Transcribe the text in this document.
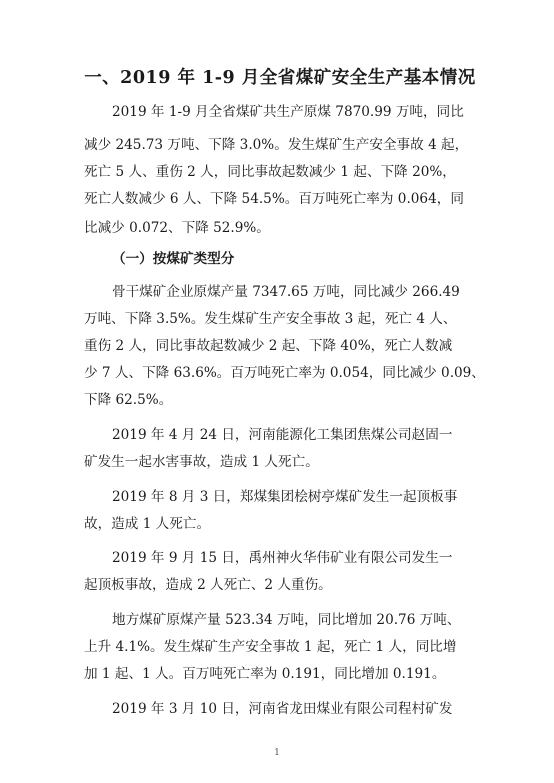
一、2019 年 1-9 月全省煤矿安全生产基本情况
2019 年 1-9 月全省煤矿共生产原煤 7870.99 万吨，同比
减少 245.73 万吨、下降 3.0%。发生煤矿生产安全事故 4 起，
死亡 5 人、重伤 2 人，同比事故起数减少 1 起、下降 20%，
死亡人数减少 6 人、下降 54.5%。百万吨死亡率为 0.064，同
比减少 0.072、下降 52.9%。
（一）按煤矿类型分
骨干煤矿企业原煤产量 7347.65 万吨，同比减少 266.49
万吨、下降 3.5%。发生煤矿生产安全事故 3 起，死亡 4 人、
重伤 2 人，同比事故起数减少 2 起、下降 40%，死亡人数减
少 7 人、下降 63.6%。百万吨死亡率为 0.054，同比减少 0.09、
下降 62.5%。
2019 年 4 月 24 日，河南能源化工集团焦煤公司赵固一
矿发生一起水害事故，造成 1 人死亡。
2019 年 8 月 3 日，郑煤集团桧树亭煤矿发生一起顶板事
故，造成 1 人死亡。
2019 年 9 月 15 日，禹州神火华伟矿业有限公司发生一
起顶板事故，造成 2 人死亡、2 人重伤。
地方煤矿原煤产量 523.34 万吨，同比增加 20.76 万吨、
上升 4.1%。发生煤矿生产安全事故 1 起，死亡 1 人，同比增
加 1 起、1 人。百万吨死亡率为 0.191，同比增加 0.191。
2019 年 3 月 10 日，河南省龙田煤业有限公司程村矿发
1
